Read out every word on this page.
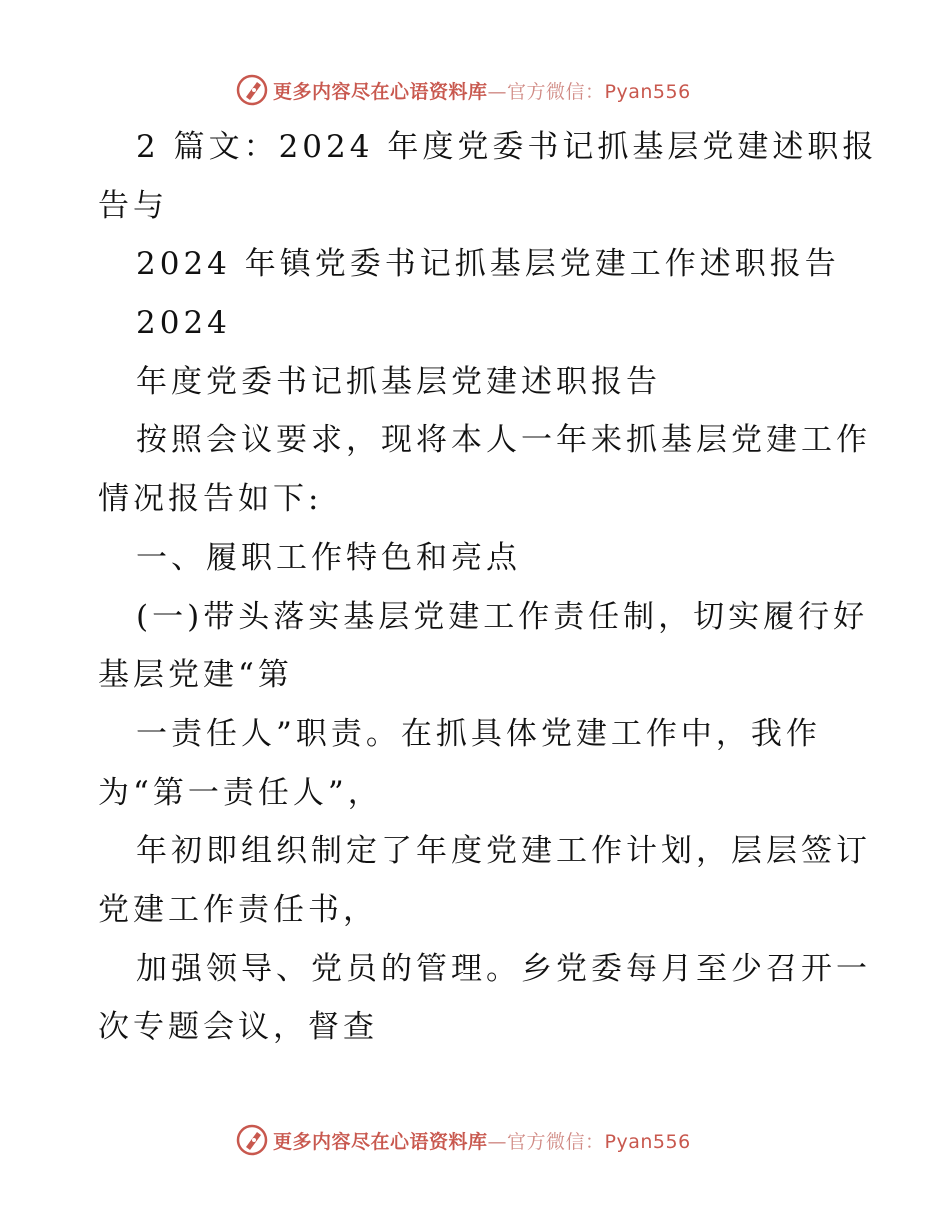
更多内容尽在心语资料库—官方微信：Pyan556
2 篇文：2024 年度党委书记抓基层党建述职报
告与
2024 年镇党委书记抓基层党建工作述职报告
2024
年度党委书记抓基层党建述职报告
按照会议要求，现将本人一年来抓基层党建工作
情况报告如下:
一、履职工作特色和亮点
(一)带头落实基层党建工作责任制，切实履行好
基层党建“第
一责任人”职责。在抓具体党建工作中，我作
为“第一责任人”，
年初即组织制定了年度党建工作计划，层层签订
党建工作责任书，
加强领导、党员的管理。乡党委每月至少召开一
次专题会议，督查
更多内容尽在心语资料库—官方微信：Pyan556
